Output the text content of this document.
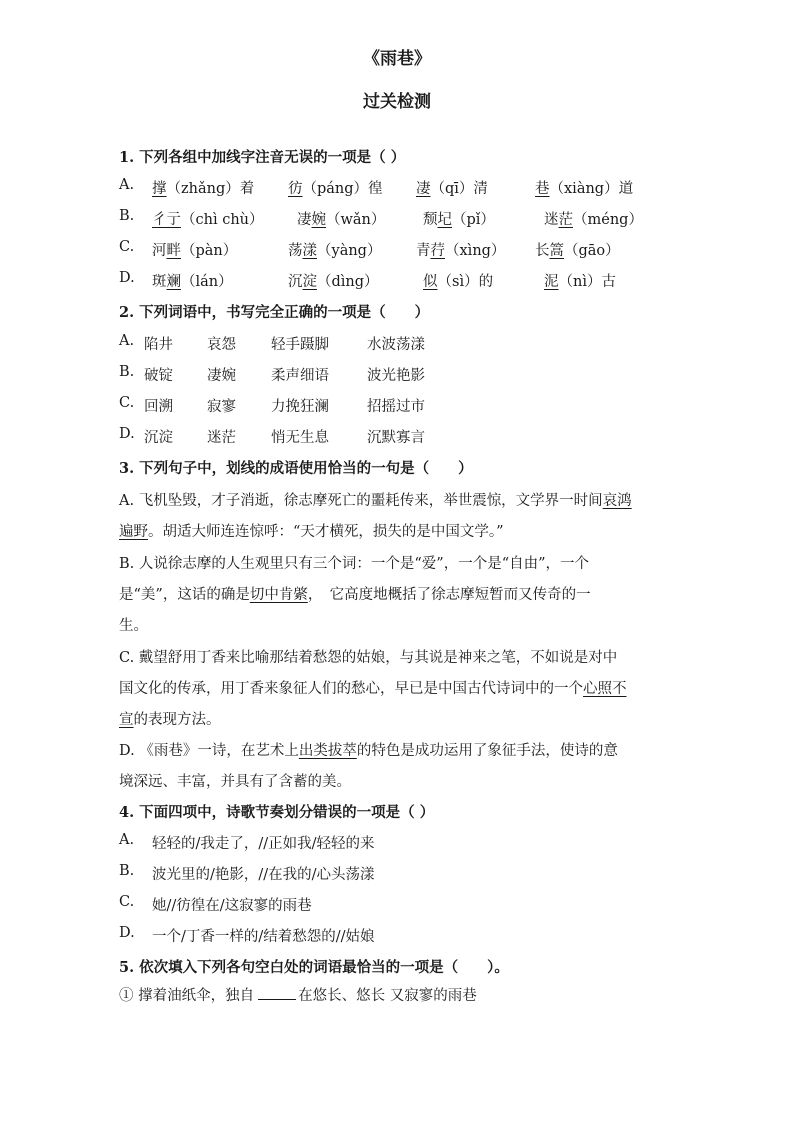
《雨巷》
过关检测
1. 下列各组中加线字注音无误的一项是（ ）
A. 撑（zhǎng）着 彷（páng）徨 凄（qī）清	巷（xiàng）道
B. 彳亍（chì chù） 凄婉（wǎn）	颓圮（pǐ）	迷茫（méng）
C. 河畔（pàn）	荡漾（yàng） 青荇（xìng） 长篙（gāo）
D. 斑斓（lán）	沉淀（dìng）	似（sì）的	泥（nì）古
2. 下列词语中，书写完全正确的一项是（　　）
A. 陷井 哀怨 轻手蹑脚	水波荡漾
B. 破锭 凄婉 柔声细语	波光艳影
C. 回溯 寂寥 力挽狂澜	招摇过市
D. 沉淀 迷茫 悄无生息	沉默寡言
3. 下列句子中，划线的成语使用恰当的一句是（　　）
A. 飞机坠毁，才子消逝，徐志摩死亡的噩耗传来，举世震惊，文学界一时间哀鸿
遍野。胡适大师连连惊呼：“天才横死，损失的是中国文学。”
B. 人说徐志摩的人生观里只有三个词：一个是“爱”，一个是“自由”，一个
是“美”，这话的确是切中肯綮，　它高度地概括了徐志摩短暂而又传奇的一
生。
C. 戴望舒用丁香来比喻那结着愁怨的姑娘，与其说是神来之笔，不如说是对中
国文化的传承，用丁香来象征人们的愁心，早已是中国古代诗词中的一个心照不
宣的表现方法。
D. 《雨巷》一诗，在艺术上出类拔萃的特色是成功运用了象征手法，使诗的意
境深远、丰富，并具有了含蓄的美。
4. 下面四项中，诗歌节奏划分错误的一项是（ ）
A. 轻轻的/我走了，//正如我/轻轻的来
B. 波光里的/艳影，//在我的/心头荡漾
C. 她//彷徨在/这寂寥的雨巷
D. 一个/丁香一样的/结着愁怨的//姑娘
5. 依次填入下列各句空白处的词语最恰当的一项是（　　）。
① 撑着油纸伞，独自	在悠长、悠长 又寂寥的雨巷
